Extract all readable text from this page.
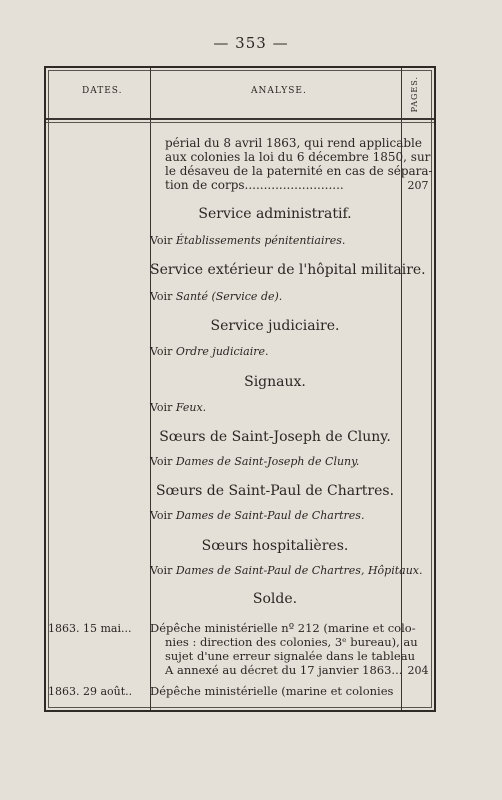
— 353 —
DATES.	ANALYSE.	PAGES.
périal du 8 avril 1863, qui rend applicable
aux colonies la loi du 6 décembre 1850, sur
le désaveu de la paternité en cas de sépara-
tion de corps..........................	207
Service administratif.
Voir Établissements pénitentiaires.
Service extérieur de l'hôpital militaire.
Voir Santé (Service de).
Service judiciaire.
Voir Ordre judiciaire.
Signaux.
Voir Feux.
Sœurs de Saint-Joseph de Cluny.
Voir Dames de Saint-Joseph de Cluny.
Sœurs de Saint-Paul de Chartres.
Voir Dames de Saint-Paul de Chartres.
Sœurs hospitalières.
Voir Dames de Saint-Paul de Chartres, Hôpitaux.
Solde.
1863. 15 mai... Dépêche ministérielle nº 212 (marine et colo-
nies : direction des colonies, 3ᵉ bureau), au
sujet d'une erreur signalée dans le tableau
A annexé au décret du 17 janvier 1863... 204
1863. 29 août.. Dépêche ministérielle (marine et colonies
